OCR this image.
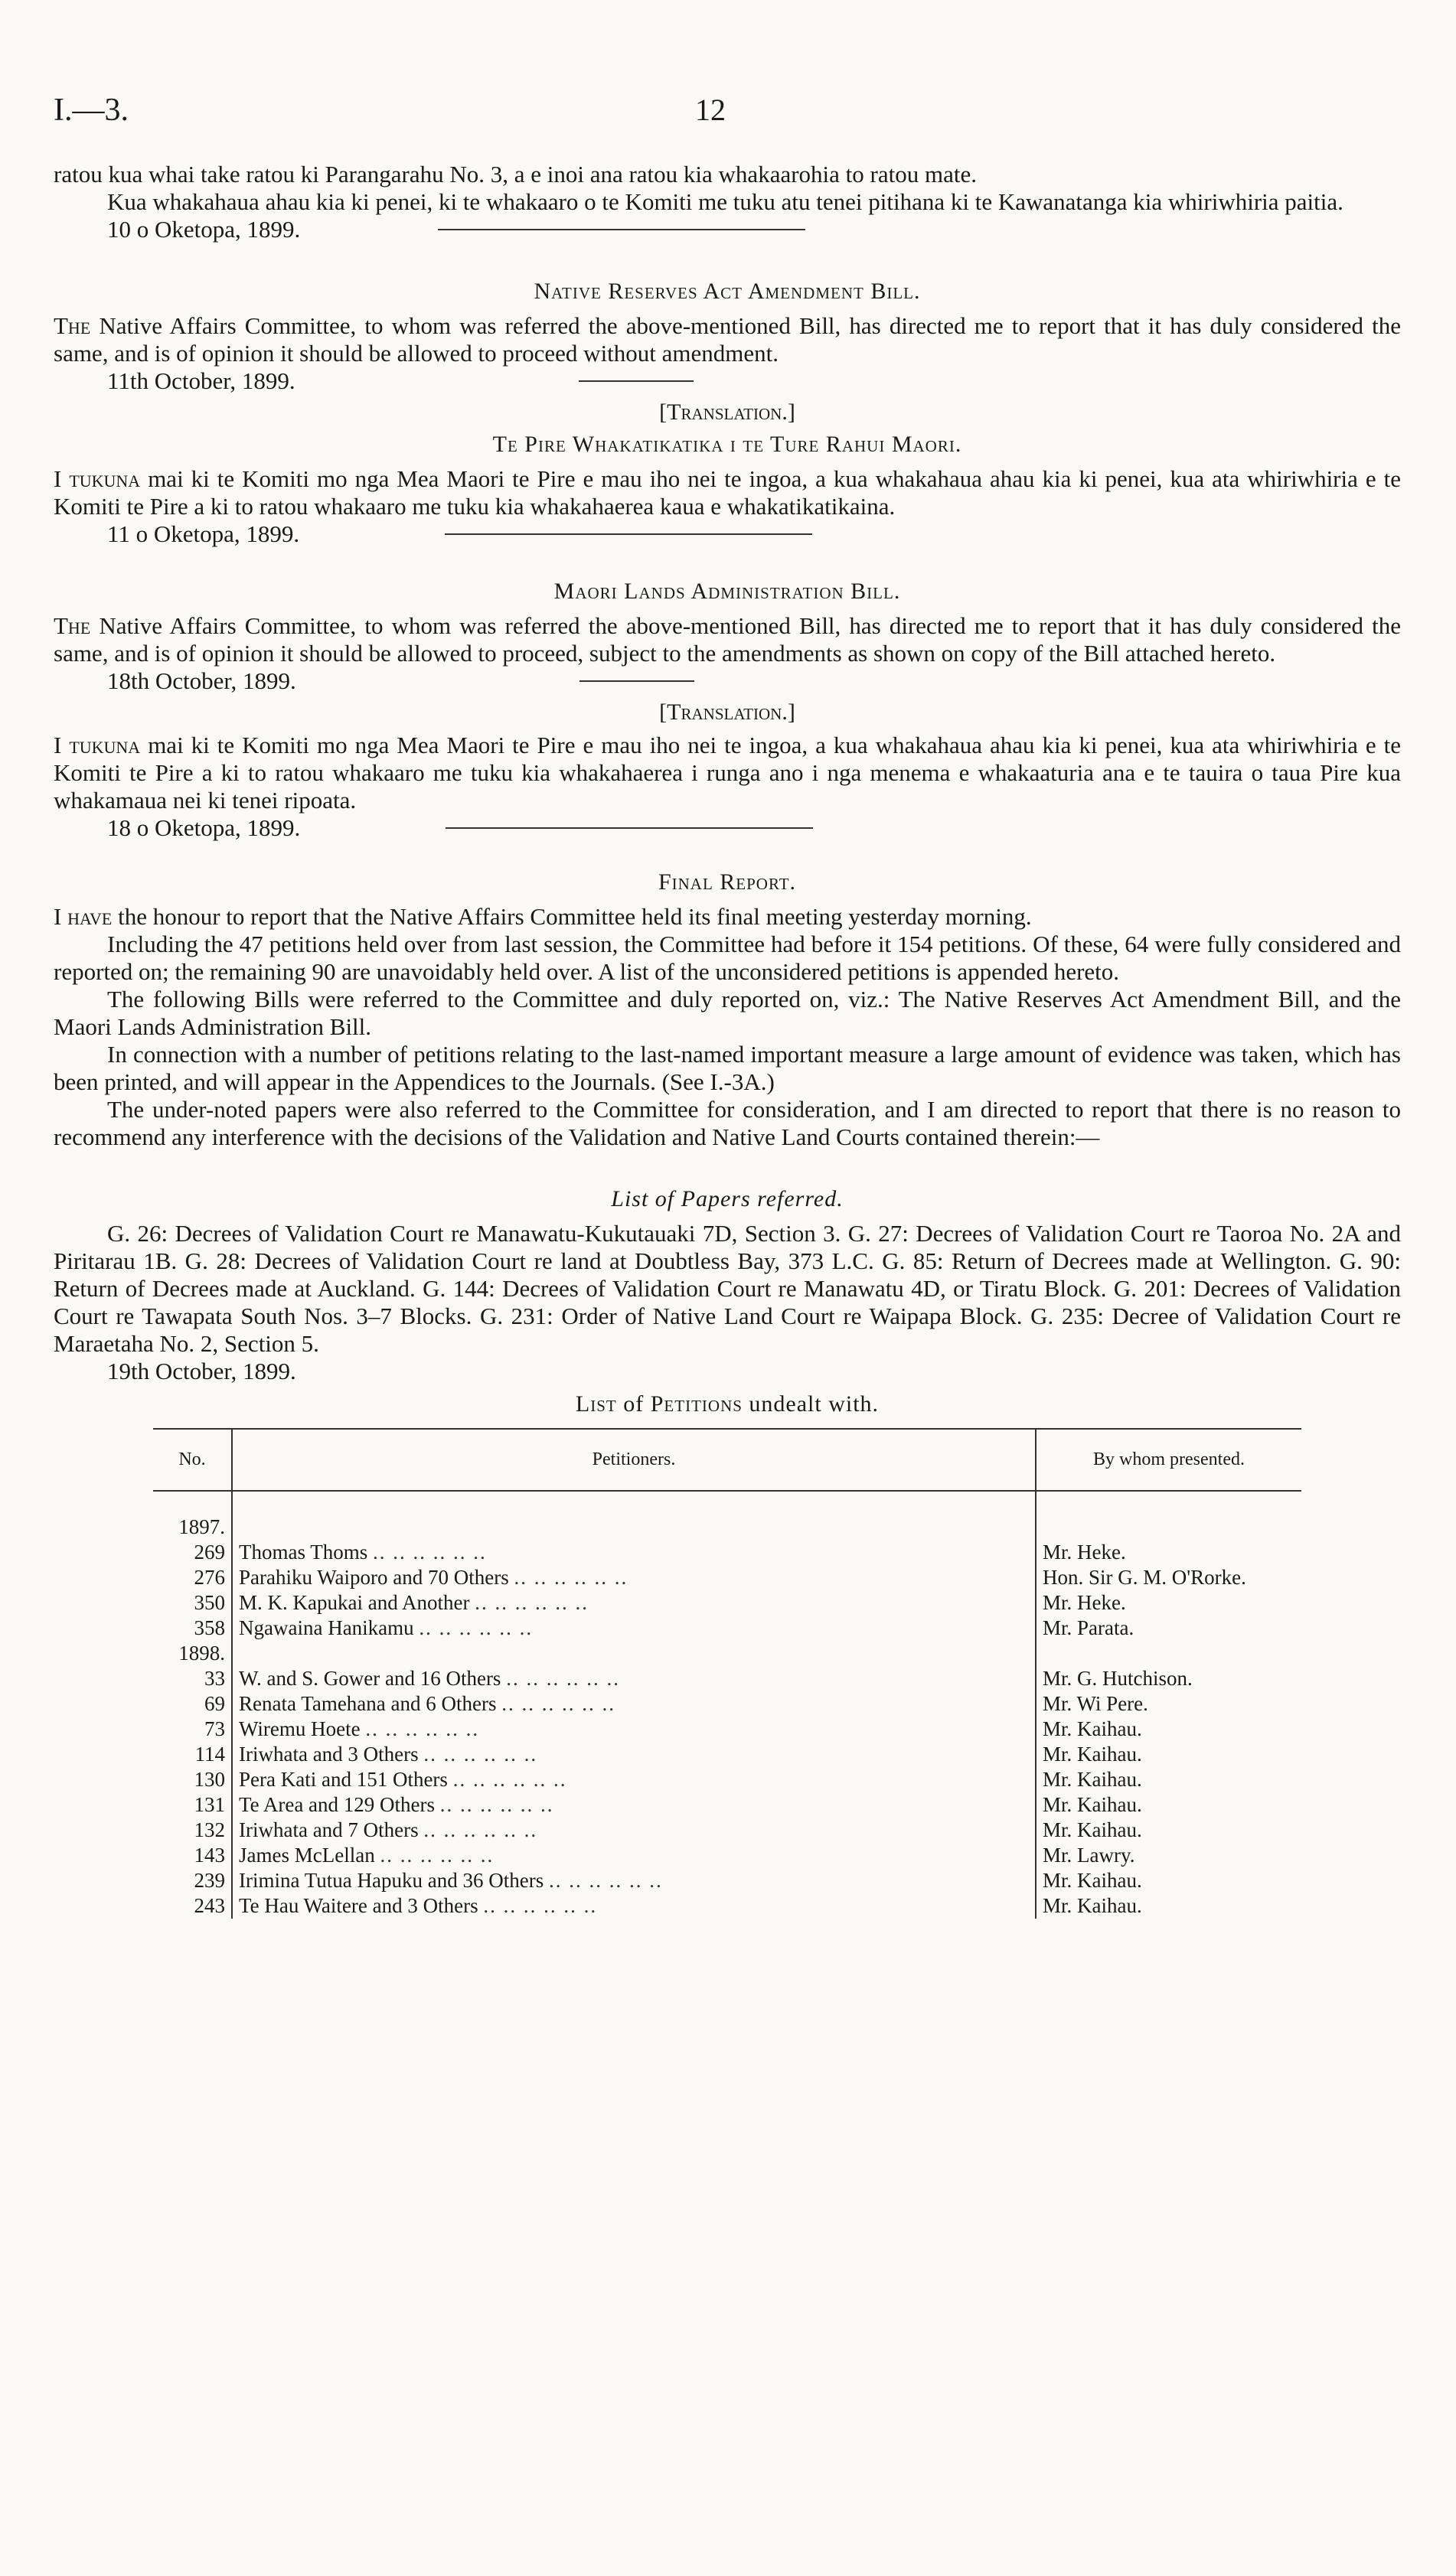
I.—3.	12

ratou kua whai take ratou ki Parangarahu No. 3, a e inoi ana ratou kia whakaarohia to ratou mate.

Kua whakahaua ahau kia ki penei, ki te whakaaro o te Komiti me tuku atu tenei pitihana ki te Kawanatanga kia whiriwhiria paitia.

10 o Oketopa, 1899.
Native Reserves Act Amendment Bill.

The Native Affairs Committee, to whom was referred the above-mentioned Bill, has directed me to report that it has duly considered the same, and is of opinion it should be allowed to proceed without amendment.

11th October, 1899.
[Translation.]
Te Pire Whakatikatika i te Ture Rahui Maori.

I tukuna mai ki te Komiti mo nga Mea Maori te Pire e mau iho nei te ingoa, a kua whakahaua ahau kia ki penei, kua ata whiriwhiria e te Komiti te Pire a ki to ratou whakaaro me tuku kia whakahaerea kaua e whakatikatikaina.

11 o Oketopa, 1899.
Maori Lands Administration Bill.

The Native Affairs Committee, to whom was referred the above-mentioned Bill, has directed me to report that it has duly considered the same, and is of opinion it should be allowed to proceed, subject to the amendments as shown on copy of the Bill attached hereto.

18th October, 1899.
[Translation.]

I tukuna mai ki te Komiti mo nga Mea Maori te Pire e mau iho nei te ingoa, a kua whakahaua ahau kia ki penei, kua ata whiriwhiria e te Komiti te Pire a ki to ratou whakaaro me tuku kia whakahaerea i runga ano i nga menema e whakaaturia ana e te tauira o taua Pire kua whakamaua nei ki tenei ripoata.

18 o Oketopa, 1899.
Final Report.

I have the honour to report that the Native Affairs Committee held its final meeting yesterday morning.

Including the 47 petitions held over from last session, the Committee had before it 154 petitions. Of these, 64 were fully considered and reported on; the remaining 90 are unavoidably held over. A list of the unconsidered petitions is appended hereto.

The following Bills were referred to the Committee and duly reported on, viz.: The Native Reserves Act Amendment Bill, and the Maori Lands Administration Bill.

In connection with a number of petitions relating to the last-named important measure a large amount of evidence was taken, which has been printed, and will appear in the Appendices to the Journals. (See I.-3A.)

The under-noted papers were also referred to the Committee for consideration, and I am directed to report that there is no reason to recommend any interference with the decisions of the Validation and Native Land Courts contained therein:—

List of Papers referred.

G. 26: Decrees of Validation Court re Manawatu-Kukutauaki 7D, Section 3. G. 27: Decrees of Validation Court re Taoroa No. 2A and Piritarau 1B. G. 28: Decrees of Validation Court re land at Doubtless Bay, 373 L.C. G. 85: Return of Decrees made at Wellington. G. 90: Return of Decrees made at Auckland. G. 144: Decrees of Validation Court re Manawatu 4D, or Tiratu Block. G. 201: Decrees of Validation Court re Tawapata South Nos. 3–7 Blocks. G. 231: Order of Native Land Court re Waipapa Block. G. 235: Decree of Validation Court re Maraetaha No. 2, Section 5.

19th October, 1899.
List of Petitions undealt with.
No.	Petitioners.	By whom presented.

1897.		
269	Thomas Thoms .. .. .. .. .. ..	Mr. Heke.
276	Parahiku Waiporo and 70 Others .. .. .. .. .. ..	Hon. Sir G. M. O'Rorke.
350	M. K. Kapukai and Another .. .. .. .. .. ..	Mr. Heke.
358	Ngawaina Hanikamu .. .. .. .. .. ..	Mr. Parata.
1898.		
33	W. and S. Gower and 16 Others .. .. .. .. .. ..	Mr. G. Hutchison.
69	Renata Tamehana and 6 Others .. .. .. .. .. ..	Mr. Wi Pere.
73	Wiremu Hoete .. .. .. .. .. ..	Mr. Kaihau.
114	Iriwhata and 3 Others .. .. .. .. .. ..	Mr. Kaihau.
130	Pera Kati and 151 Others .. .. .. .. .. ..	Mr. Kaihau.
131	Te Area and 129 Others .. .. .. .. .. ..	Mr. Kaihau.
132	Iriwhata and 7 Others .. .. .. .. .. ..	Mr. Kaihau.
143	James McLellan .. .. .. .. .. ..	Mr. Lawry.
239	Irimina Tutua Hapuku and 36 Others .. .. .. .. .. ..	Mr. Kaihau.
243	Te Hau Waitere and 3 Others .. .. .. .. .. ..	Mr. Kaihau.
